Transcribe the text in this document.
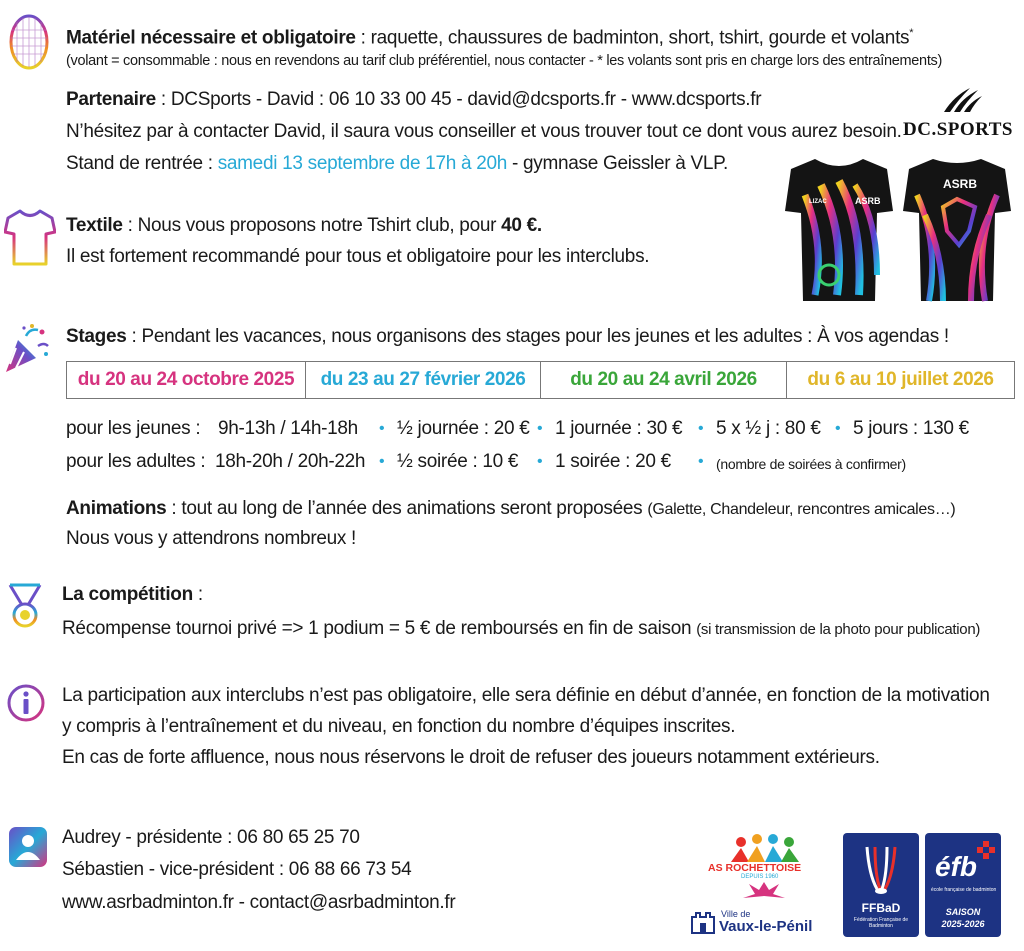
Matériel nécessaire et obligatoire : raquette, chaussures de badminton, short, tshirt, gourde et volants*
(volant = consommable : nous en revendons au tarif club préférentiel, nous contacter - * les volants sont pris en charge lors des entraînements)
Partenaire : DCSports - David : 06 10 33 00 45 - david@dcsports.fr - www.dcsports.fr
N’hésitez par à contacter David, il saura vous conseiller et vous trouver tout ce dont vous aurez besoin.
Stand de rentrée : samedi 13 septembre de 17h à 20h - gymnase Geissler à VLP.
DC.SPORTS
Textile : Nous vous proposons notre Tshirt club, pour 40 €.
Il est fortement recommandé pour tous et obligatoire pour les interclubs.
LIZAC	ASRB
ASRB
Stages : Pendant les vacances, nous organisons des stages pour les jeunes et les adultes : À vos agendas !
du 20 au 24 octobre 2025	du 23 au 27 février 2026	du 20 au 24 avril 2026	du 6 au 10 juillet 2026
pour les jeunes : 9h-13h / 14h-18h • ½ journée : 20 € • 1 journée : 30 € • 5 x ½ j : 80 € • 5 jours : 130 €
pour les adultes : 18h-20h / 20h-22h • ½ soirée : 10 € • 1 soirée : 20 € • (nombre de soirées à confirmer)
Animations : tout au long de l’année des animations seront proposées (Galette, Chandeleur, rencontres amicales…)
Nous vous y attendrons nombreux !
La compétition :
Récompense tournoi privé => 1 podium = 5 € de remboursés en fin de saison (si transmission de la photo pour publication)
La participation aux interclubs n’est pas obligatoire, elle sera définie en début d’année, en fonction de la motivation
y compris à l’entraînement et du niveau, en fonction du nombre d’équipes inscrites.
En cas de forte affluence, nous nous réservons le droit de refuser des joueurs notamment extérieurs.
Audrey - présidente : 06 80 65 25 70
Sébastien - vice-président : 06 88 66 73 54
www.asrbadminton.fr - contact@asrbadminton.fr
AS ROCHETTOISE
DEPUIS 1960
Ville de
Vaux-le-Pénil
FFBaD
Fédération Française de Badminton
éfb
école française de badminton
SAISON
2025-2026
